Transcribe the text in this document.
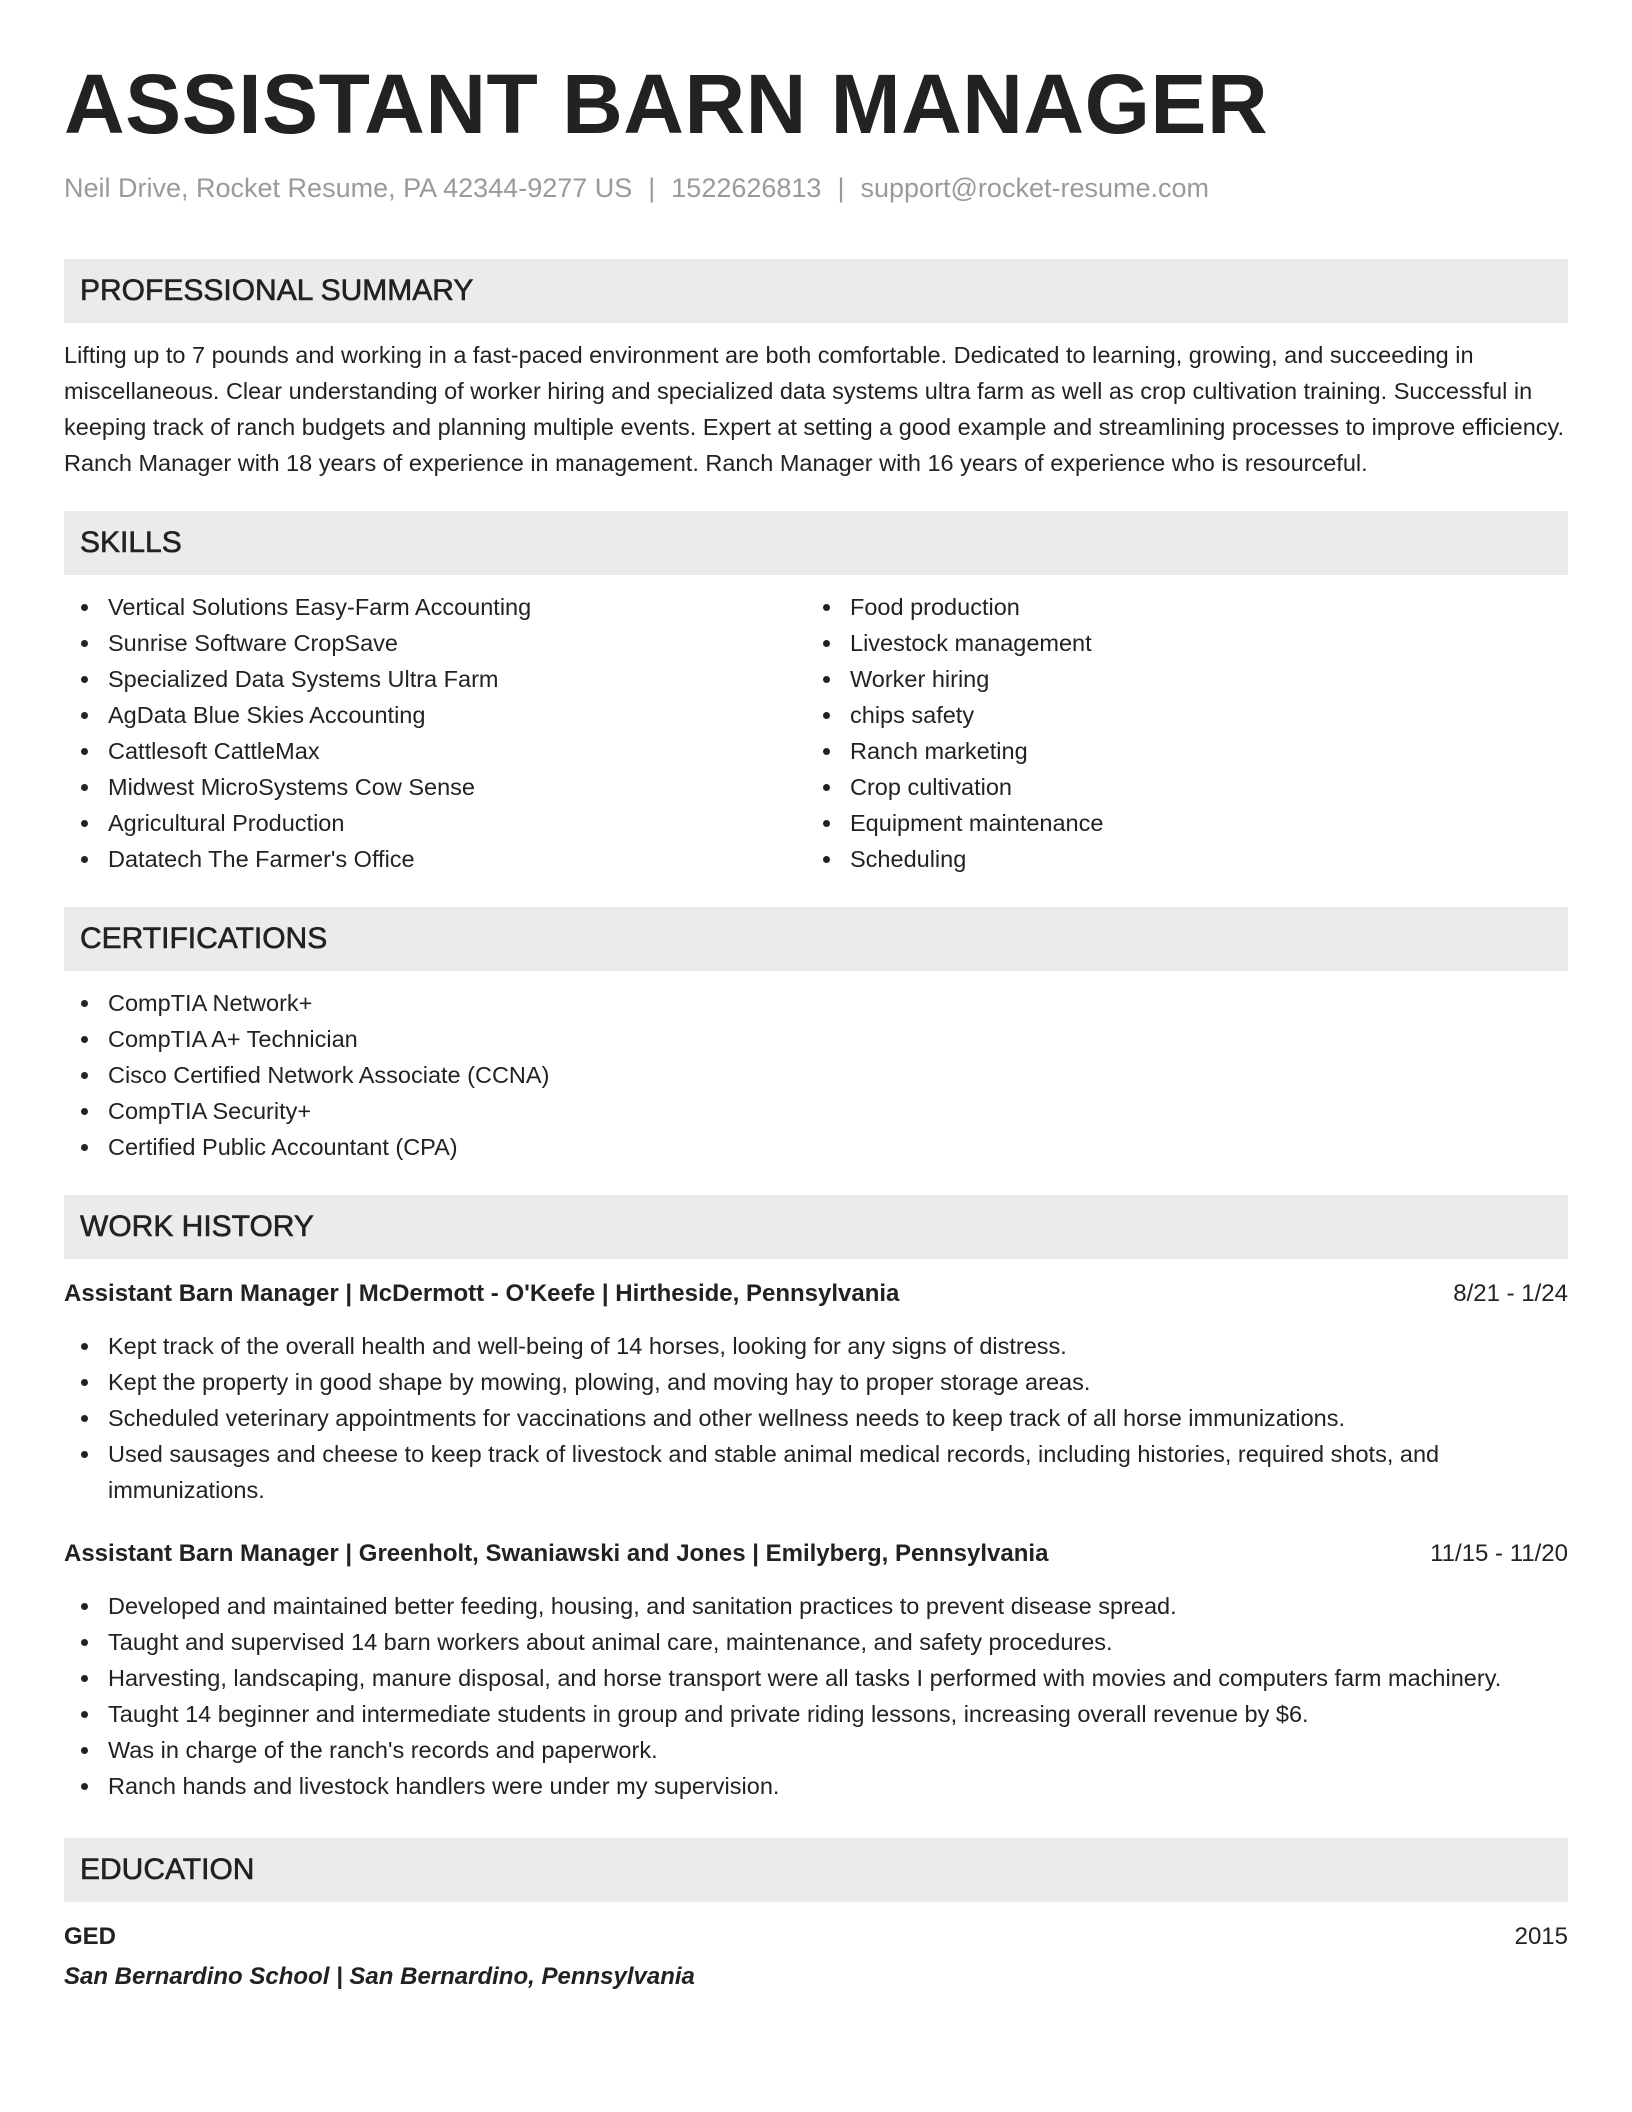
ASSISTANT BARN MANAGER
Neil Drive, Rocket Resume, PA 42344-9277 US | 1522626813 | support@rocket-resume.com
PROFESSIONAL SUMMARY

Lifting up to 7 pounds and working in a fast-paced environment are both comfortable. Dedicated to learning, growing, and succeeding in miscellaneous. Clear understanding of worker hiring and specialized data systems ultra farm as well as crop cultivation training. Successful in keeping track of ranch budgets and planning multiple events. Expert at setting a good example and streamlining processes to improve efficiency. Ranch Manager with 18 years of experience in management. Ranch Manager with 16 years of experience who is resourceful.

SKILLS
Vertical Solutions Easy-Farm Accounting
Sunrise Software CropSave
Specialized Data Systems Ultra Farm
AgData Blue Skies Accounting
Cattlesoft CattleMax
Midwest MicroSystems Cow Sense
Agricultural Production
Datatech The Farmer's Office
Food production
Livestock management
Worker hiring
chips safety
Ranch marketing
Crop cultivation
Equipment maintenance
Scheduling
CERTIFICATIONS
CompTIA Network+
CompTIA A+ Technician
Cisco Certified Network Associate (CCNA)
CompTIA Security+
Certified Public Accountant (CPA)
WORK HISTORY
Assistant Barn Manager | McDermott - O'Keefe | Hirtheside, Pennsylvania	8/21 - 1/24
Kept track of the overall health and well-being of 14 horses, looking for any signs of distress.
Kept the property in good shape by mowing, plowing, and moving hay to proper storage areas.
Scheduled veterinary appointments for vaccinations and other wellness needs to keep track of all horse immunizations.
Used sausages and cheese to keep track of livestock and stable animal medical records, including histories, required shots, and immunizations.
Assistant Barn Manager | Greenholt, Swaniawski and Jones | Emilyberg, Pennsylvania	11/15 - 11/20
Developed and maintained better feeding, housing, and sanitation practices to prevent disease spread.
Taught and supervised 14 barn workers about animal care, maintenance, and safety procedures.
Harvesting, landscaping, manure disposal, and horse transport were all tasks I performed with movies and computers farm machinery.
Taught 14 beginner and intermediate students in group and private riding lessons, increasing overall revenue by $6.
Was in charge of the ranch's records and paperwork.
Ranch hands and livestock handlers were under my supervision.
EDUCATION
GED	2015
San Bernardino School | San Bernardino, Pennsylvania
